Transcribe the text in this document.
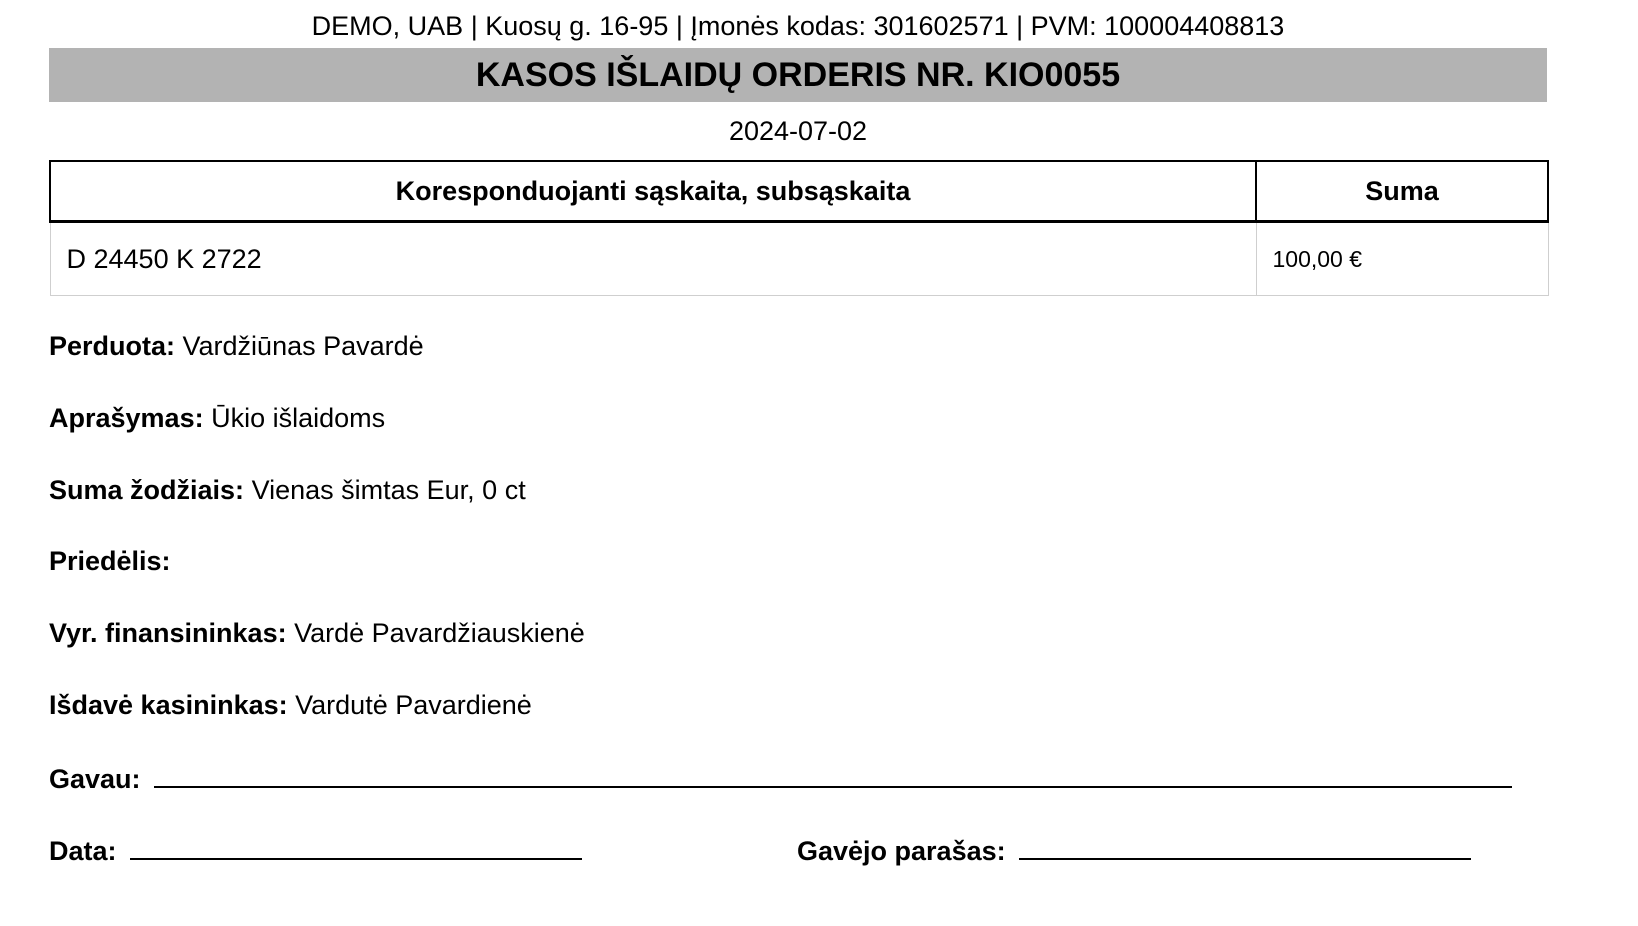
DEMO, UAB | Kuosų g. 16-95 | Įmonės kodas: 301602571 | PVM: 100004408813
KASOS IŠLAIDŲ ORDERIS NR. KIO0055
2024-07-02
Koresponduojanti sąskaita, subsąskaita	Suma
D 24450 K 2722	100,00 €
Perduota: Vardžiūnas Pavardė
Aprašymas: Ūkio išlaidoms
Suma žodžiais: Vienas šimtas Eur, 0 ct
Priedėlis:
Vyr. finansininkas: Vardė Pavardžiauskienė
Išdavė kasininkas: Vardutė Pavardienė
Gavau:
Data:	Gavėjo parašas:
